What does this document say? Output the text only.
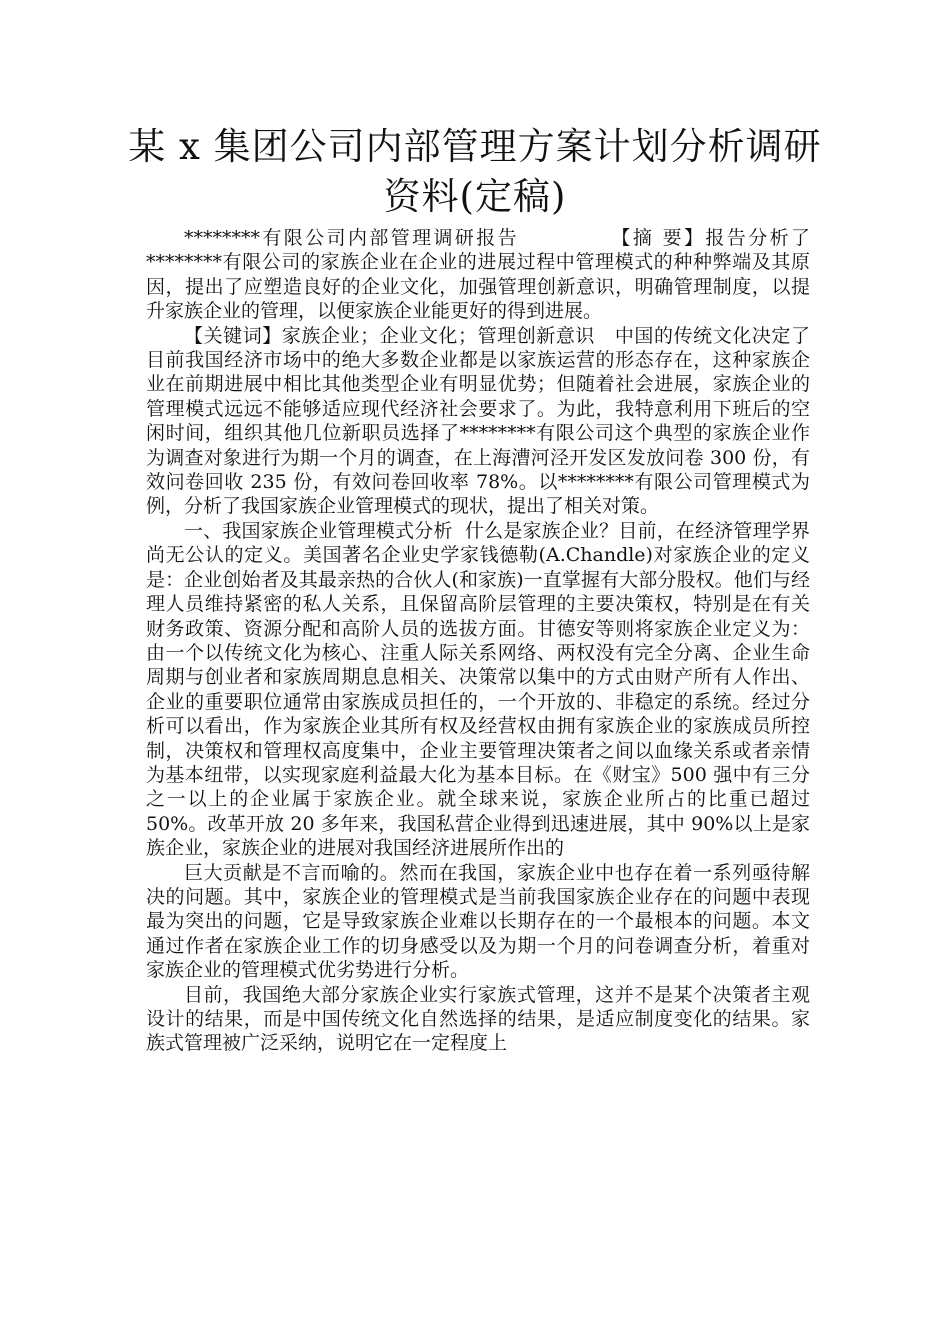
某 x 集团公司内部管理方案计划分析调研
资料(定稿)

********有限公司内部管理调研报告	【摘 要】报告分析了********有限公司的家族企业在企业的进展过程中管理模式的种种弊端及其原因，提出了应塑造良好的企业文化，加强管理创新意识，明确管理制度，以提升家族企业的管理，以便家族企业能更好的得到进展。

【关键词】家族企业；企业文化；管理创新意识 中国的传统文化决定了目前我国经济市场中的绝大多数企业都是以家族运营的形态存在，这种家族企业在前期进展中相比其他类型企业有明显优势；但随着社会进展，家族企业的管理模式远远不能够适应现代经济社会要求了。为此，我特意利用下班后的空闲时间，组织其他几位新职员选择了********有限公司这个典型的家族企业作为调查对象进行为期一个月的调查，在上海漕河泾开发区发放问卷 300 份，有效问卷回收 235 份，有效问卷回收率 78%。以********有限公司管理模式为例，分析了我国家族企业管理模式的现状，提出了相关对策。

一、我国家族企业管理模式分析 什么是家族企业？目前，在经济管理学界尚无公认的定义。美国著名企业史学家钱德勒(A.Chandle)对家族企业的定义是：企业创始者及其最亲热的合伙人(和家族)一直掌握有大部分股权。他们与经理人员维持紧密的私人关系，且保留高阶层管理的主要决策权，特别是在有关财务政策、资源分配和高阶人员的选拔方面。甘德安等则将家族企业定义为：由一个以传统文化为核心、注重人际关系网络、两权没有完全分离、企业生命周期与创业者和家族周期息息相关、决策常以集中的方式由财产所有人作出、企业的重要职位通常由家族成员担任的，一个开放的、非稳定的系统。经过分析可以看出，作为家族企业其所有权及经营权由拥有家族企业的家族成员所控制，决策权和管理权高度集中，企业主要管理决策者之间以血缘关系或者亲情为基本纽带，以实现家庭利益最大化为基本目标。在《财宝》500 强中有三分之一以上的企业属于家族企业。就全球来说，家族企业所占的比重已超过 50%。改革开放 20 多年来，我国私营企业得到迅速进展，其中 90%以上是家族企业，家族企业的进展对我国经济进展所作出的

巨大贡献是不言而喻的。然而在我国，家族企业中也存在着一系列亟待解决的问题。其中，家族企业的管理模式是当前我国家族企业存在的问题中表现最为突出的问题，它是导致家族企业难以长期存在的一个最根本的问题。本文通过作者在家族企业工作的切身感受以及为期一个月的问卷调查分析，着重对家族企业的管理模式优劣势进行分析。

目前，我国绝大部分家族企业实行家族式管理，这并不是某个决策者主观设计的结果，而是中国传统文化自然选择的结果，是适应制度变化的结果。家族式管理被广泛采纳，说明它在一定程度上
